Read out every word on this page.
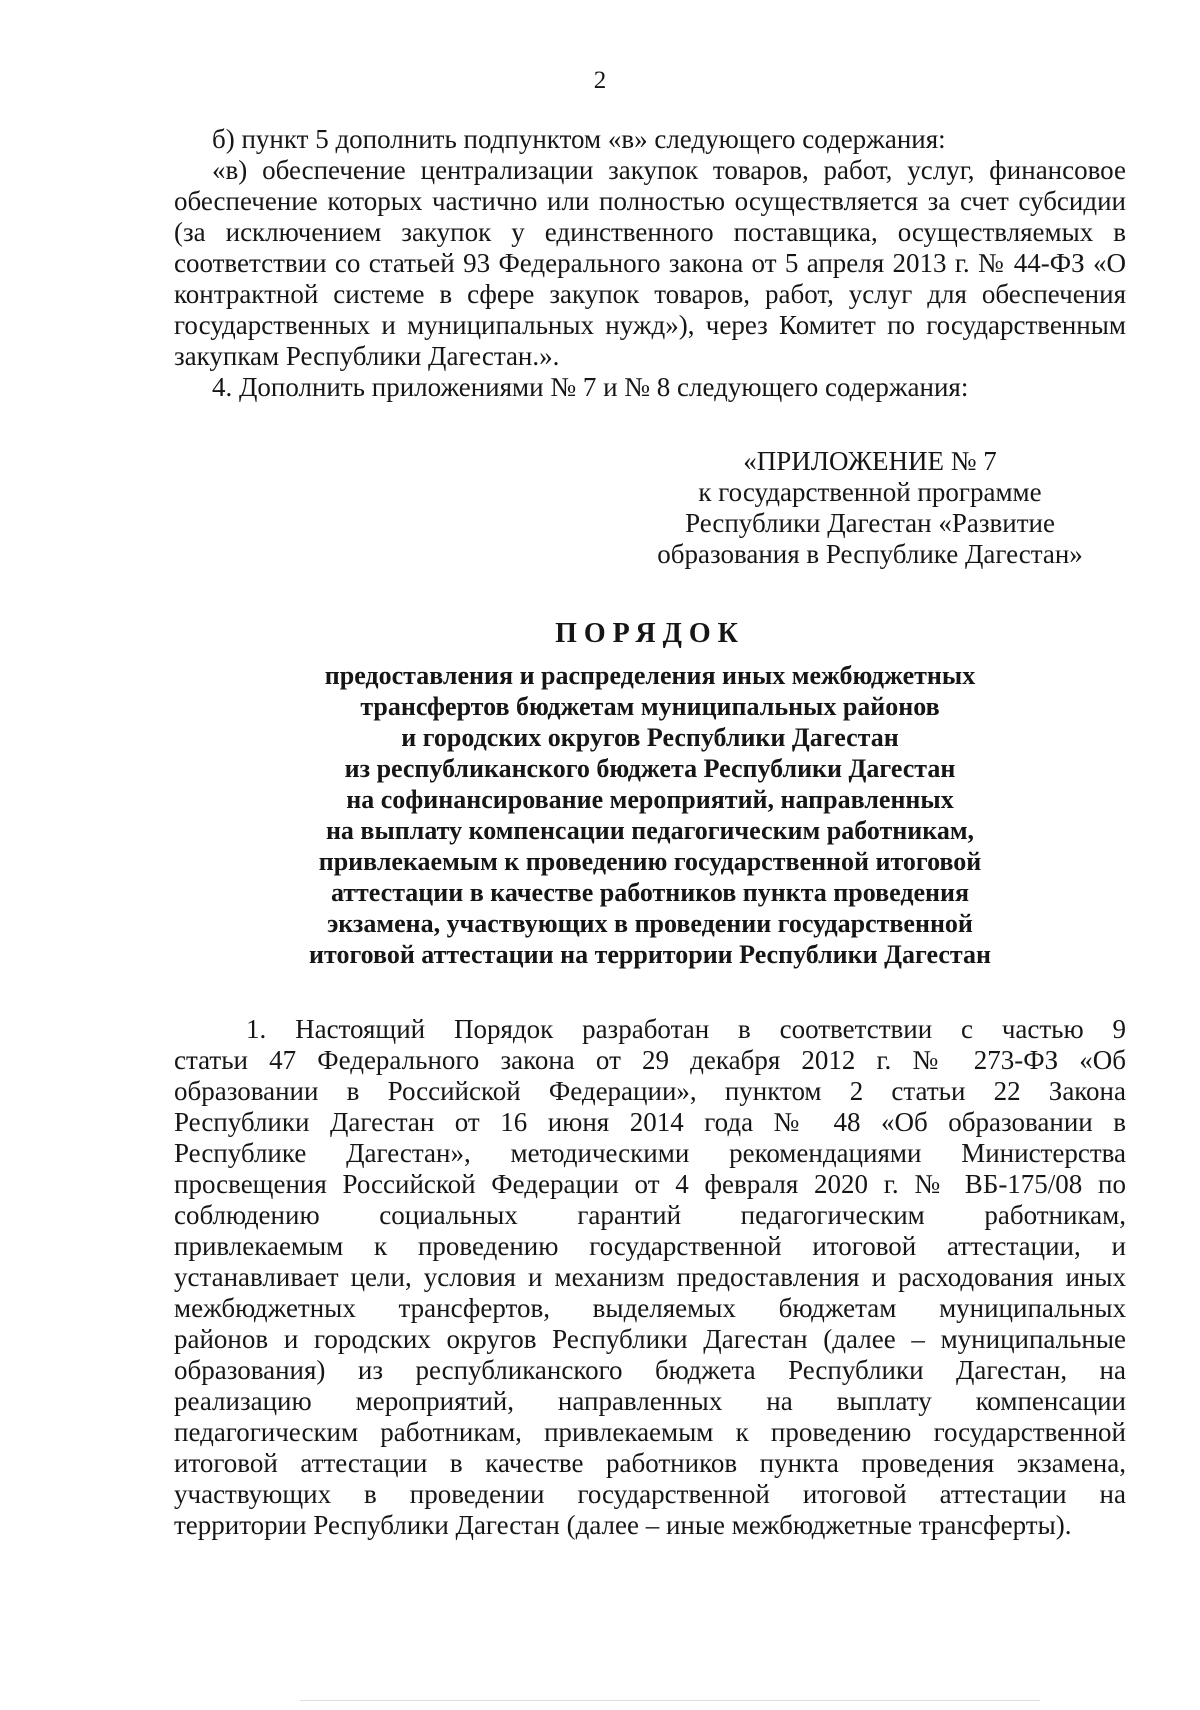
2

б) пункт 5 дополнить подпунктом «в» следующего содержания:

«в) обеспечение централизации закупок товаров, работ, услуг, финансовое обеспечение которых частично или полностью осуществляется за счет субсидии (за исключением закупок у единственного поставщика, осуществляемых в соответствии со статьей 93 Федерального закона от 5 апреля 2013 г. № 44-ФЗ «О контрактной системе в сфере закупок товаров, работ, услуг для обеспечения государственных и муниципальных нужд»), через Комитет по государственным закупкам Республики Дагестан.».

4. Дополнить приложениями № 7 и № 8 следующего содержания:

«ПРИЛОЖЕНИЕ № 7
к государственной программе
Республики Дагестан «Развитие
образования в Республике Дагестан»
ПОРЯДОК
предоставления и распределения иных межбюджетных
трансфертов бюджетам муниципальных районов
и городских округов Республики Дагестан
из республиканского бюджета Республики Дагестан
на софинансирование мероприятий, направленных
на выплату компенсации педагогическим работникам,
привлекаемым к проведению государственной итоговой
аттестации в качестве работников пункта проведения
экзамена, участвующих в проведении государственной
итоговой аттестации на территории Республики Дагестан
1. Настоящий Порядок разработан в соответствии с частью 9
статьи 47 Федерального закона от 29 декабря 2012 г. № 273-ФЗ «Об
образовании в Российской Федерации», пунктом 2 статьи 22 Закона
Республики Дагестан от 16 июня 2014 года № 48 «Об образовании в
Республике Дагестан», методическими рекомендациями Министерства
просвещения Российской Федерации от 4 февраля 2020 г. № ВБ-175/08 по
соблюдению социальных гарантий педагогическим работникам,
привлекаемым к проведению государственной итоговой аттестации, и
устанавливает цели, условия и механизм предоставления и расходования иных
межбюджетных трансфертов, выделяемых бюджетам муниципальных
районов и городских округов Республики Дагестан (далее – муниципальные
образования) из республиканского бюджета Республики Дагестан, на
реализацию мероприятий, направленных на выплату компенсации
педагогическим работникам, привлекаемым к проведению государственной
итоговой аттестации в качестве работников пункта проведения экзамена,
участвующих в проведении государственной итоговой аттестации на
территории Республики Дагестан (далее – иные межбюджетные трансферты).
